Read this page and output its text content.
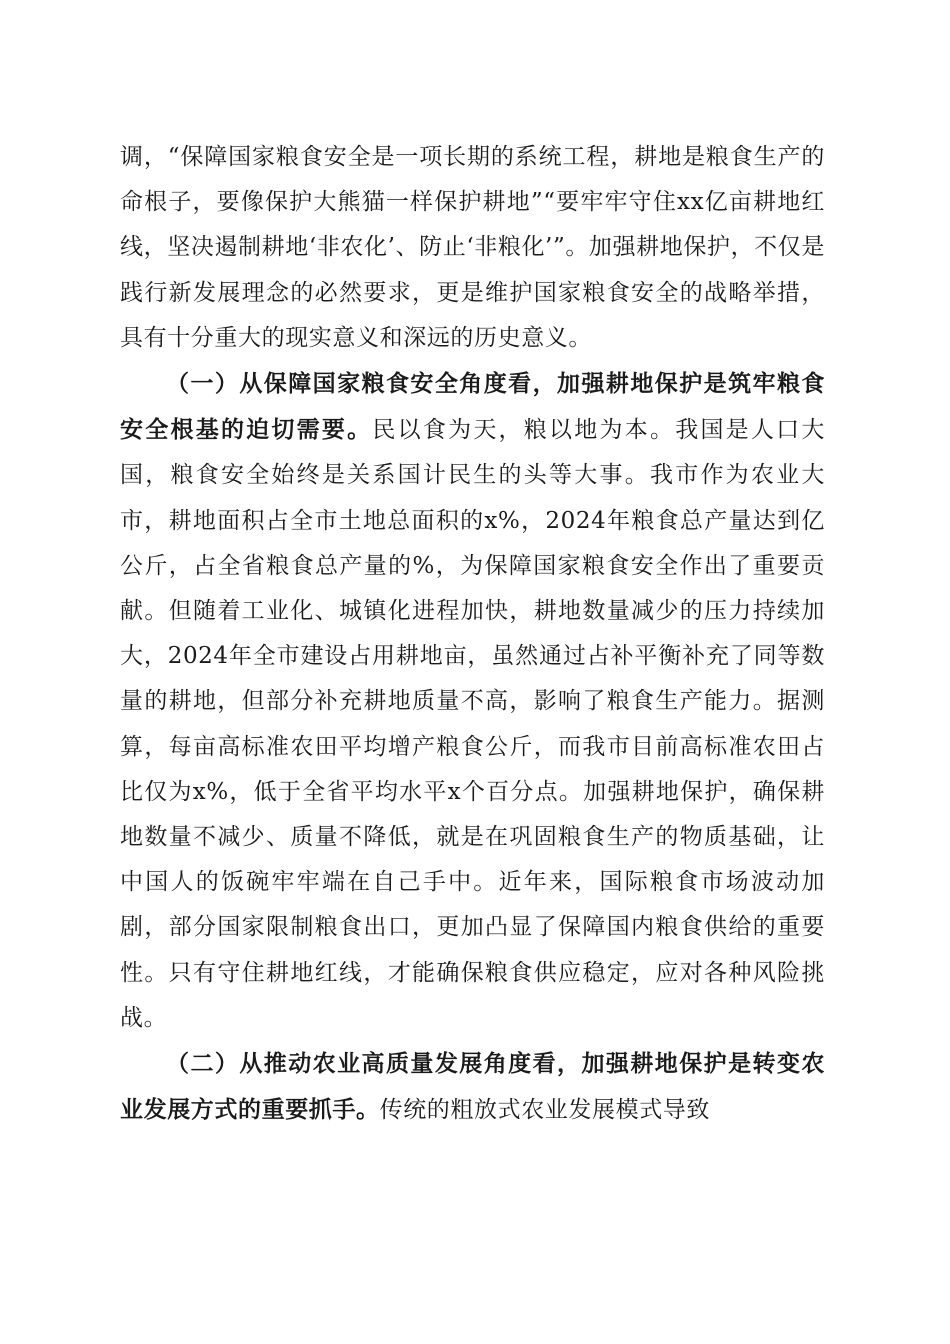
调，“保障国家粮食安全是一项长期的系统工程，耕地是粮食生产的命根子，要像保护大熊猫一样保护耕地”“要牢牢守住xx亿亩耕地红线，坚决遏制耕地‘非农化’、防止‘非粮化’”。加强耕地保护，不仅是践行新发展理念的必然要求，更是维护国家粮食安全的战略举措，具有十分重大的现实意义和深远的历史意义。

（一）从保障国家粮食安全角度看，加强耕地保护是筑牢粮食安全根基的迫切需要。民以食为天，粮以地为本。我国是人口大国，粮食安全始终是关系国计民生的头等大事。我市作为农业大市，耕地面积占全市土地总面积的x%，2024年粮食总产量达到亿公斤，占全省粮食总产量的%，为保障国家粮食安全作出了重要贡献。但随着工业化、城镇化进程加快，耕地数量减少的压力持续加大，2024年全市建设占用耕地亩，虽然通过占补平衡补充了同等数量的耕地，但部分补充耕地质量不高，影响了粮食生产能力。据测算，每亩高标准农田平均增产粮食公斤，而我市目前高标准农田占比仅为x%，低于全省平均水平x个百分点。加强耕地保护，确保耕地数量不减少、质量不降低，就是在巩固粮食生产的物质基础，让中国人的饭碗牢牢端在自己手中。近年来，国际粮食市场波动加剧，部分国家限制粮食出口，更加凸显了保障国内粮食供给的重要性。只有守住耕地红线，才能确保粮食供应稳定，应对各种风险挑战。

（二）从推动农业高质量发展角度看，加强耕地保护是转变农业发展方式的重要抓手。传统的粗放式农业发展模式导致
